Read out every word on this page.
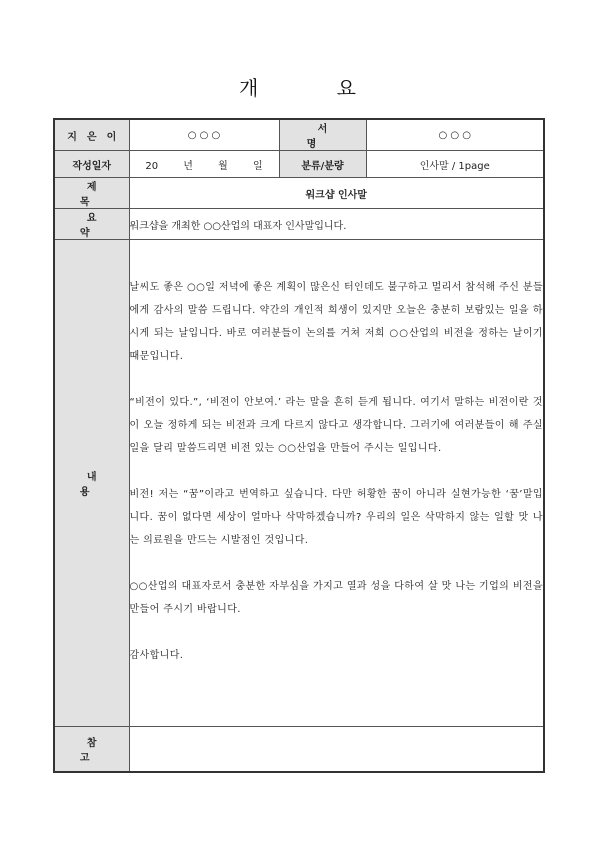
개 요
지은이	○ ○ ○	서 명	○ ○ ○
작성일자	20 년 월 일	분류/분량	인사말 / 1page
제 목	워크샵 인사말		
요 약	워크샵을 개최한 ○○산업의 대표자 인사말입니다.		
내 용	날씨도 좋은 ○○일 저녁에 좋은 계획이 많은신 터인데도 불구하고 멀리서 참석해 주신 분들에게 감사의 말씀 드립니다. 약간의 개인적 희생이 있지만 오늘은 충분히 보람있는 일을 하시게 되는 날입니다. 바로 여러분들이 논의를 거쳐 저희 ○○산업의 비전을 정하는 날이기 때문입니다.

“비전이 있다.”, ‘비전이 안보여.’ 라는 말을 흔히 듣게 됩니다. 여기서 말하는 비전이란 것이 오늘 정하게 되는 비전과 크게 다르지 않다고 생각합니다. 그러기에 여러분들이 해 주실 일을 달리 말씀드리면 비전 있는 ○○산업을 만들어 주시는 일입니다.

비전! 저는 “꿈”이라고 번역하고 싶습니다. 다만 허황한 꿈이 아니라 실현가능한 ‘꿈’말입니다. 꿈이 없다면 세상이 얼마나 삭막하겠습니까? 우리의 일은 삭막하지 않는 일할 맛 나는 의료원을 만드는 시발점인 것입니다.

○○산업의 대표자로서 충분한 자부심을 가지고 열과 성을 다하여 살 맛 나는 기업의 비전을 만들어 주시기 바랍니다.

감사합니다.		

참 고			
